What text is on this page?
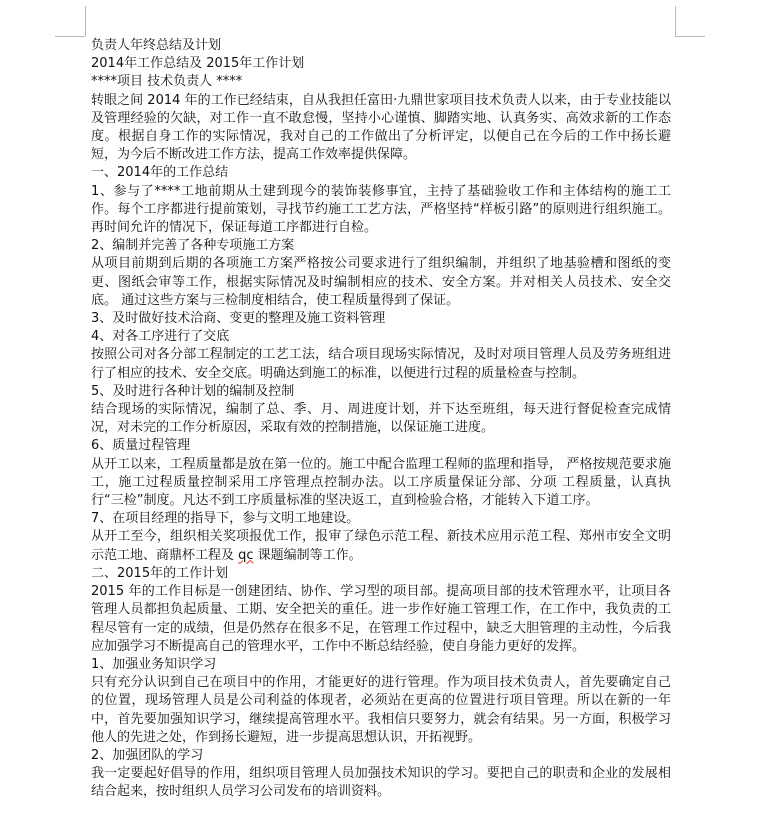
负责人年终总结及计划

2014年工作总结及 2015年工作计划

****项目 技术负责人 ****

转眼之间 2014 年的工作已经结束，自从我担任富田·九鼎世家项目技术负责人以来，由于专业技能以及管理经验的欠缺，对工作一直不敢怠慢，坚持小心谨慎、脚踏实地、认真务实、高效求新的工作态度。根据自身工作的实际情况，我对自己的工作做出了分析评定，以便自己在今后的工作中扬长避短，为今后不断改进工作方法，提高工作效率提供保障。

一、2014年的工作总结

1、参与了****工地前期从土建到现今的装饰装修事宜，主持了基础验收工作和主体结构的施工工作。每个工序都进行提前策划，寻找节约施工工艺方法，严格坚持“样板引路”的原则进行组织施工。再时间允许的情况下，保证每道工序都进行自检。

2、编制并完善了各种专项施工方案

从项目前期到后期的各项施工方案严格按公司要求进行了组织编制，并组织了地基验槽和图纸的变更、图纸会审等工作，根据实际情况及时编制相应的技术、安全方案。并对相关人员技术、安全交底。 通过这些方案与三检制度相结合，使工程质量得到了保证。

3、及时做好技术洽商、变更的整理及施工资料管理

4、对各工序进行了交底

按照公司对各分部工程制定的工艺工法，结合项目现场实际情况，及时对项目管理人员及劳务班组进行了相应的技术、安全交底。明确达到施工的标准，以便进行过程的质量检查与控制。

5、及时进行各种计划的编制及控制

结合现场的实际情况，编制了总、季、月、周进度计划，并下达至班组，每天进行督促检查完成情况，对未完的工作分析原因，采取有效的控制措施，以保证施工进度。

6、质量过程管理

从开工以来，工程质量都是放在第一位的。施工中配合监理工程师的监理和指导， 严格按规范要求施工，施工过程质量控制采用工序管理点控制办法。以工序质量保证分部、分项 工程质量，认真执行“三检”制度。凡达不到工序质量标准的坚决返工，直到检验合格，才能转入下道工序。

7、在项目经理的指导下，参与文明工地建设。

从开工至今，组织相关奖项报优工作，报审了绿色示范工程、新技术应用示范工程、郑州市安全文明示范工地、商鼎杯工程及 qc 课题编制等工作。

二、2015年的工作计划

2015 年的工作目标是一创建团结、协作、学习型的项目部。提高项目部的技术管理水平，让项目各管理人员都担负起质量、工期、安全把关的重任。进一步作好施工管理工作，在工作中，我负责的工程尽管有一定的成绩，但是仍然存在很多不足，在管理工作过程中，缺乏大胆管理的主动性，今后我应加强学习不断提高自己的管理水平，工作中不断总结经验，使自身能力更好的发挥。

1、加强业务知识学习

只有充分认识到自己在项目中的作用，才能更好的进行管理。作为项目技术负责人，首先要确定自己的位置，现场管理人员是公司利益的体现者，必须站在更高的位置进行项目管理。所以在新的一年中，首先要加强知识学习，继续提高管理水平。我相信只要努力，就会有结果。另一方面，积极学习他人的先进之处，作到扬长避短，进一步提高思想认识，开拓视野。

2、加强团队的学习

我一定要起好倡导的作用，组织项目管理人员加强技术知识的学习。要把自己的职责和企业的发展相结合起来，按时组织人员学习公司发布的培训资料。
